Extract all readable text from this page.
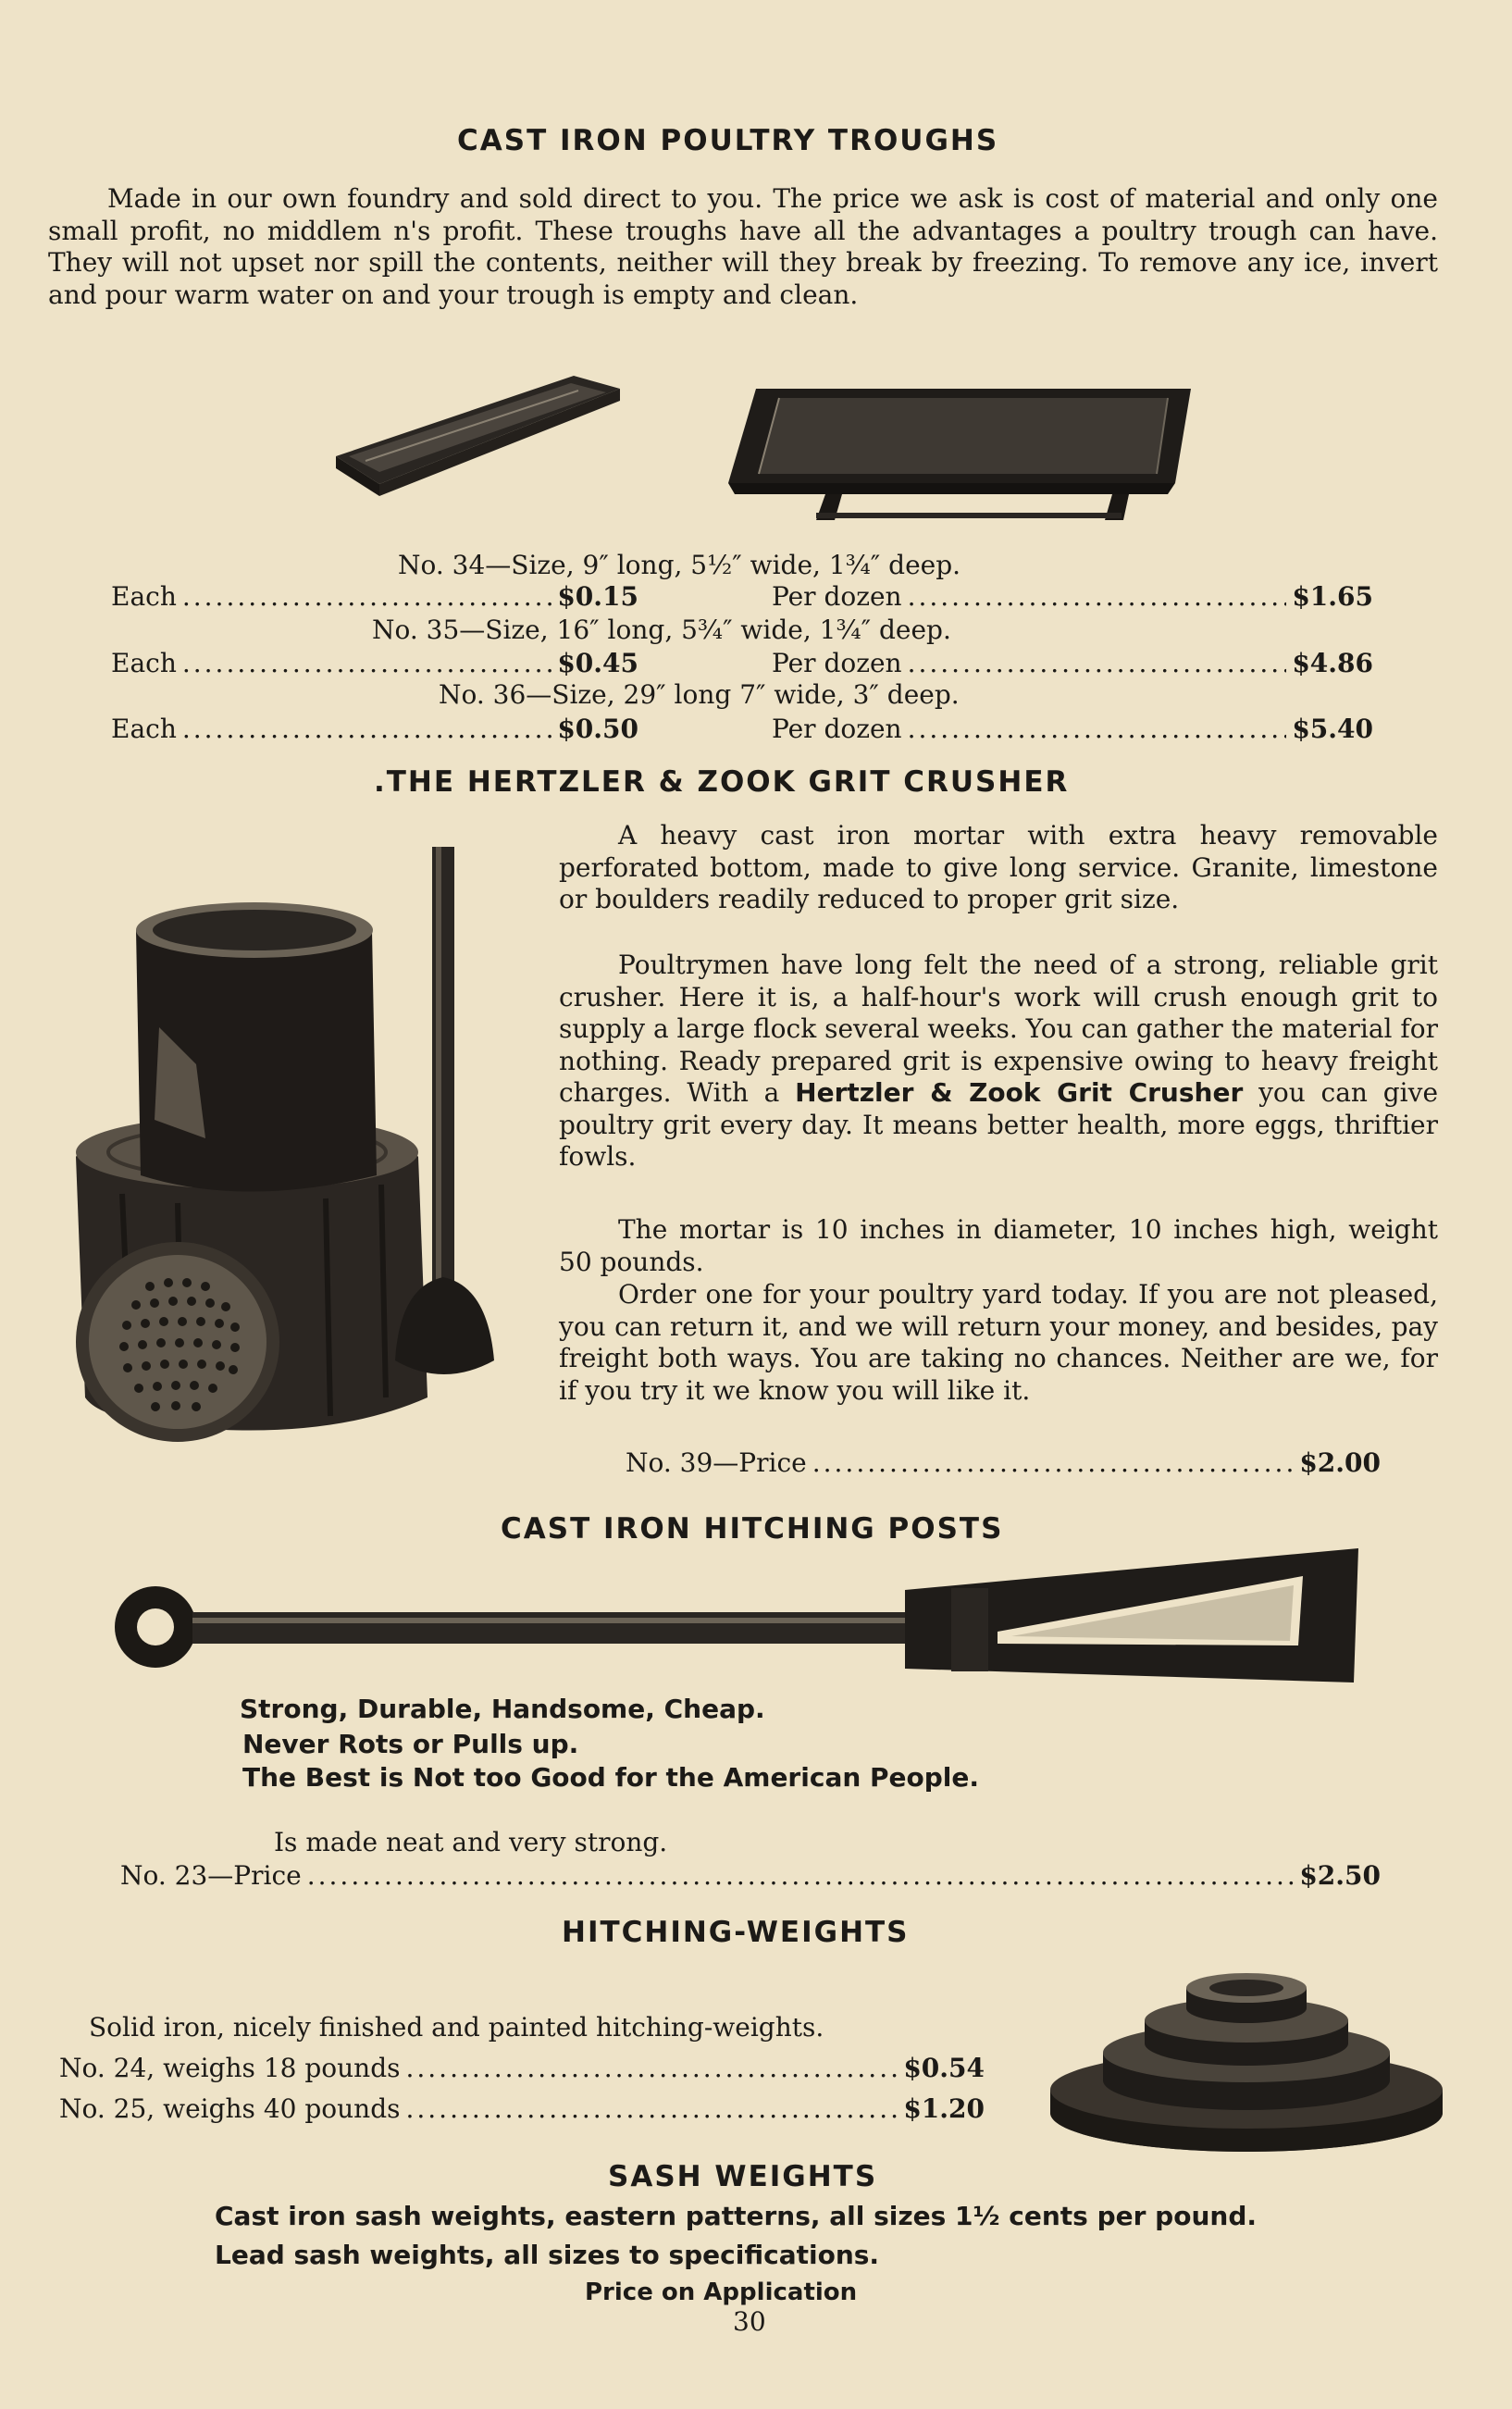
CAST IRON POULTRY TROUGHS
Made in our own foundry and sold direct to you. The price we ask is cost of material and only one small profit, no middlem n's profit. These troughs have all the advantages a poultry trough can have. They will not upset nor spill the contents, neither will they break by freezing. To remove any ice, invert and pour warm water on and your trough is empty and clean.
No. 34—Size, 9″ long, 5½″ wide, 1¾″ deep.
Each .....	$0.15	Per dozen .....	$1.65
No. 35—Size, 16″ long, 5¾″ wide, 1¾″ deep.
Each .....	$0.45	Per dozen .....	$4.86
No. 36—Size, 29″ long 7″ wide, 3″ deep.
Each .....	$0.50	Per dozen .....	$5.40
.THE HERTZLER & ZOOK GRIT CRUSHER
A heavy cast iron mortar with extra heavy removable perforated bottom, made to give long service. Granite, limestone or boulders readily reduced to proper grit size.
Poultrymen have long felt the need of a strong, reliable grit crusher. Here it is, a half-hour's work will crush enough grit to supply a large flock several weeks. You can gather the material for nothing. Ready prepared grit is expensive owing to heavy freight charges. With a Hertzler & Zook Grit Crusher you can give poultry grit every day. It means better health, more eggs, thriftier fowls.
The mortar is 10 inches in diameter, 10 inches high, weight 50 pounds.
Order one for your poultry yard today. If you are not pleased, you can return it, and we will return your money, and besides, pay freight both ways. You are taking no chances. Neither are we, for if you try it we know you will like it.
No. 39—Price .....	$2.00
CAST IRON HITCHING POSTS
Strong, Durable, Handsome, Cheap.
Never Rots or Pulls up.
The Best is Not too Good for the American People.
Is made neat and very strong.
No. 23—Price .....	$2.50
HITCHING-WEIGHTS
Solid iron, nicely finished and painted hitching-weights.
No. 24, weighs 18 pounds .....	$0.54
No. 25, weighs 40 pounds .....	$1.20
SASH WEIGHTS
Cast iron sash weights, eastern patterns, all sizes 1½ cents per pound.
Lead sash weights, all sizes to specifications.
Price on Application
30
